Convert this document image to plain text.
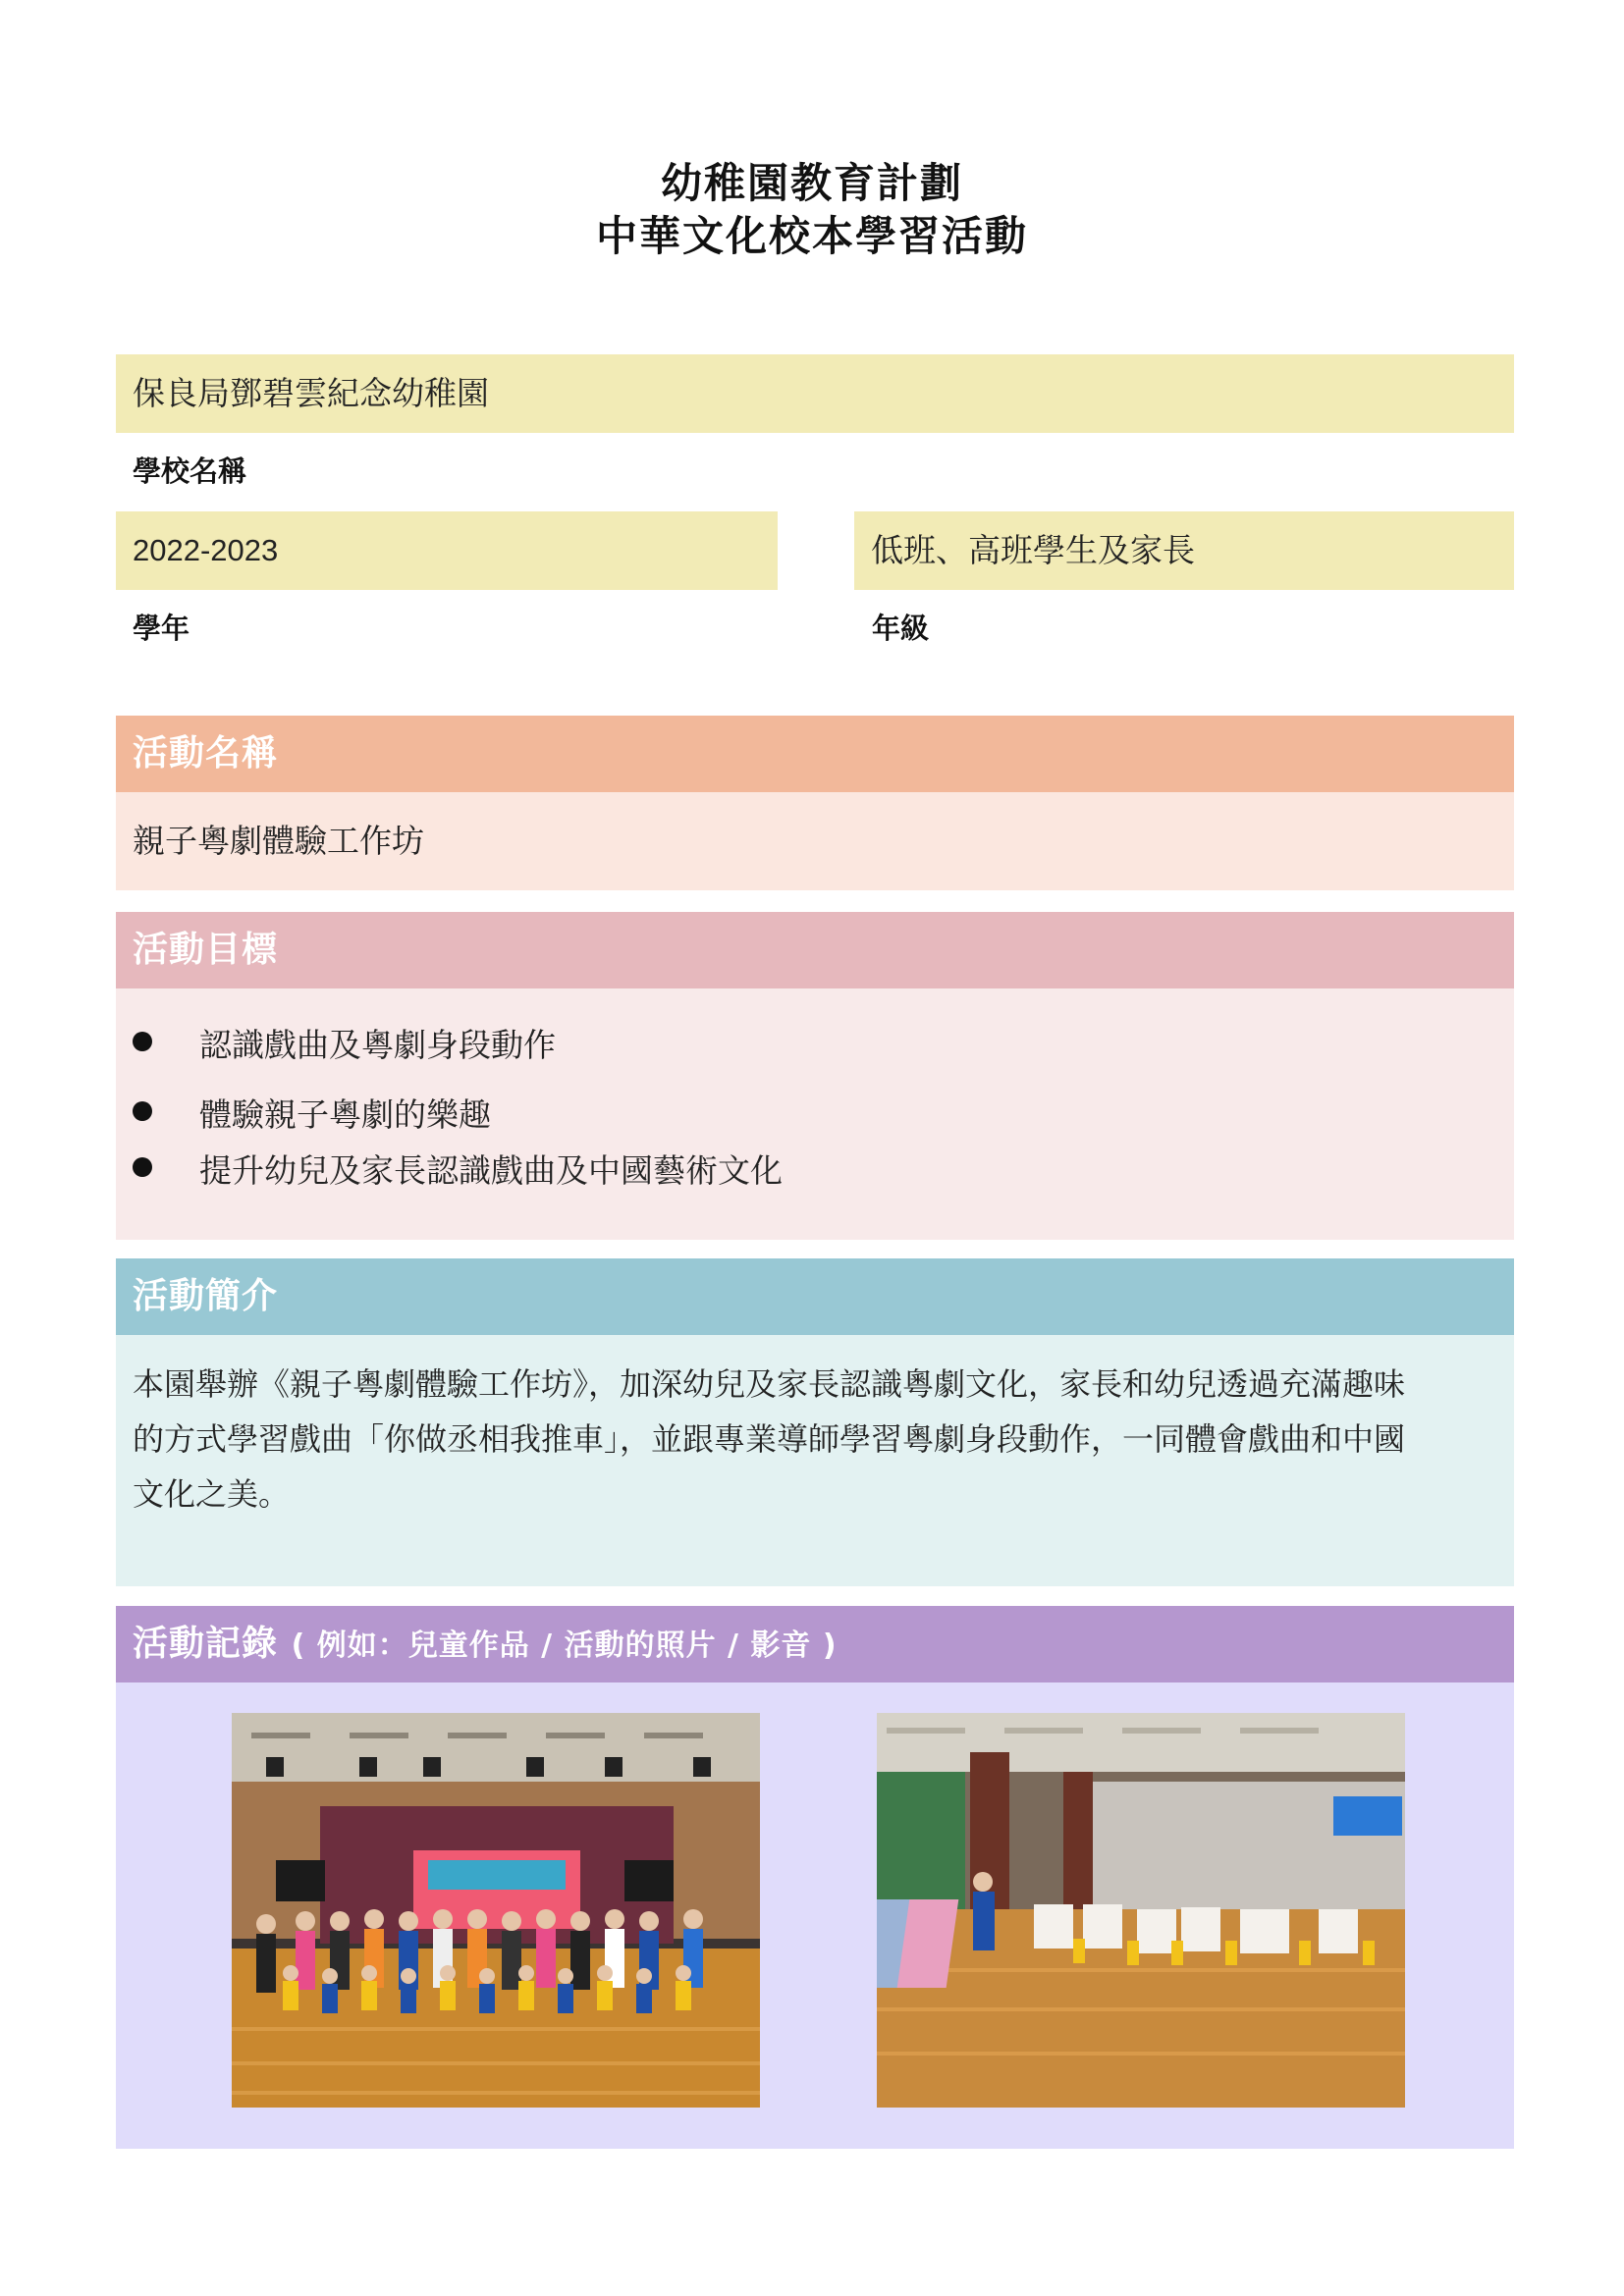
幼稚園教育計劃
中華文化校本學習活動
保良局鄧碧雲紀念幼稚園
學校名稱
2022-2023
學年
低班、高班學生及家長
年級
活動名稱
親子粵劇體驗工作坊
活動目標
認識戲曲及粵劇身段動作
體驗親子粵劇的樂趣
提升幼兒及家長認識戲曲及中國藝術文化
活動簡介
本園舉辦《親子粵劇體驗工作坊》，加深幼兒及家長認識粵劇文化，家長和幼兒透過充滿趣味
的方式學習戲曲「你做丞相我推車」，並跟專業導師學習粵劇身段動作，一同體會戲曲和中國
文化之美。
活動記錄 ( 例如：兒童作品 / 活動的照片 / 影音 )
